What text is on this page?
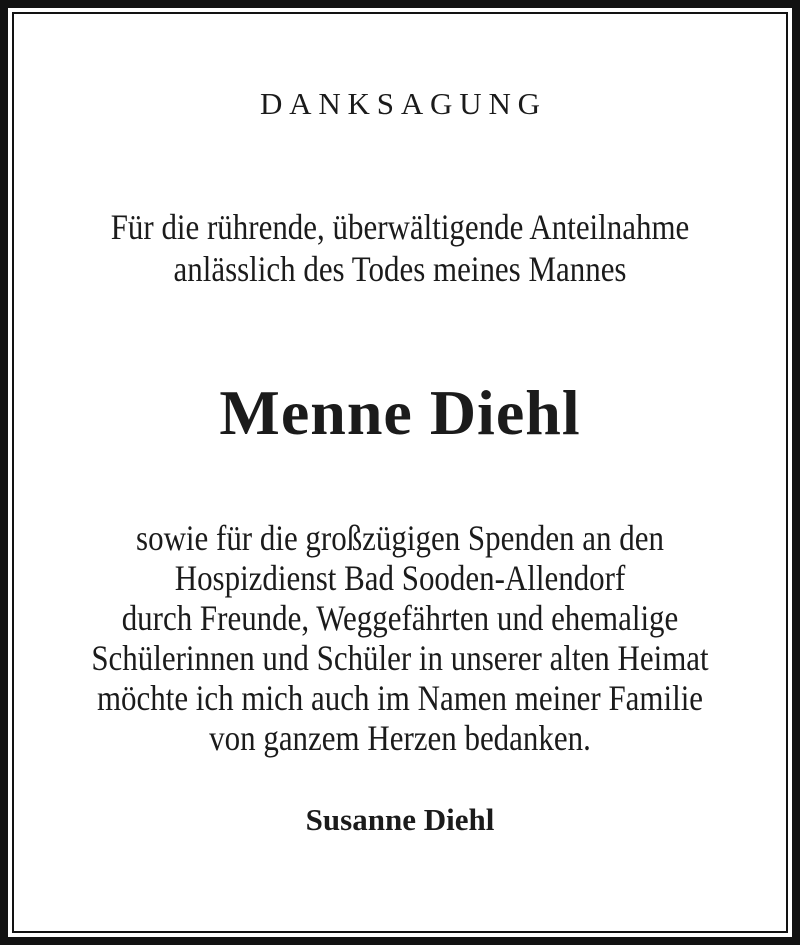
DANKSAGUNG
Für die rührende, überwältigende Anteilnahme
anlässlich des Todes meines Mannes
Menne Diehl
sowie für die großzügigen Spenden an den
Hospizdienst Bad Sooden-Allendorf
durch Freunde, Weggefährten und ehemalige
Schülerinnen und Schüler in unserer alten Heimat
möchte ich mich auch im Namen meiner Familie
von ganzem Herzen bedanken.
Susanne Diehl
